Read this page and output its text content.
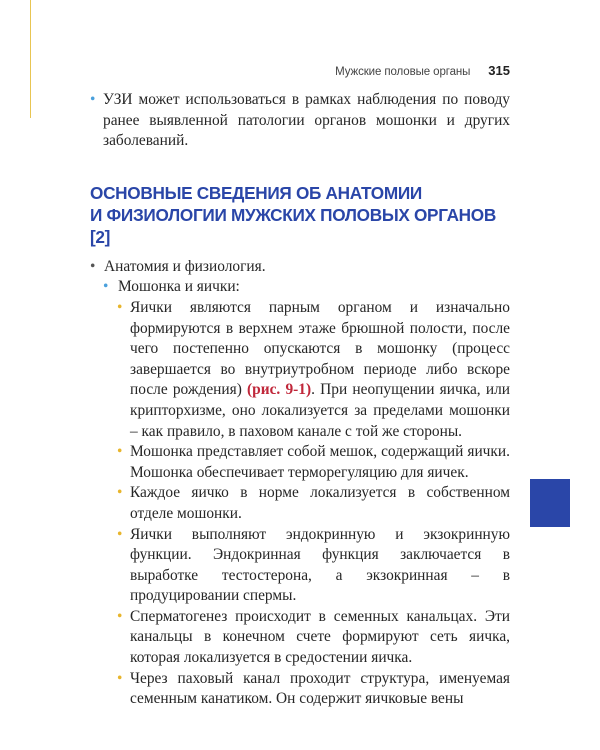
Мужские половые органы 315
• УЗИ может использоваться в рамках наблюдения по поводу ранее выявленной патологии органов мошонки и других заболеваний.
ОСНОВНЫЕ СВЕДЕНИЯ ОБ АНАТОМИИ
И ФИЗИОЛОГИИ МУЖСКИХ ПОЛОВЫХ ОРГАНОВ [2]
• Анатомия и физиология.
• Мошонка и яички:
• Яички являются парным органом и изначально формируются в верхнем этаже брюшной полости, после чего постепенно опускаются в мошонку (процесс завершается во внутриутробном периоде либо вскоре после рождения) (рис. 9-1). При неопущении яичка, или крипторхизме, оно локализуется за пределами мошонки – как правило, в паховом канале с той же стороны.
• Мошонка представляет собой мешок, содержащий яички. Мошонка обеспечивает терморегуляцию для яичек.
• Каждое яичко в норме локализуется в собственном отделе мошонки.
• Яички выполняют эндокринную и экзокринную функции. Эндокринная функция заключается в выработке тестостерона, а экзокринная – в продуцировании спермы.
• Сперматогенез происходит в семенных канальцах. Эти канальцы в конечном счете формируют сеть яичка, которая локализуется в средостении яичка.
• Через паховый канал проходит структура, именуемая семенным канатиком. Он содержит яичковые вены
